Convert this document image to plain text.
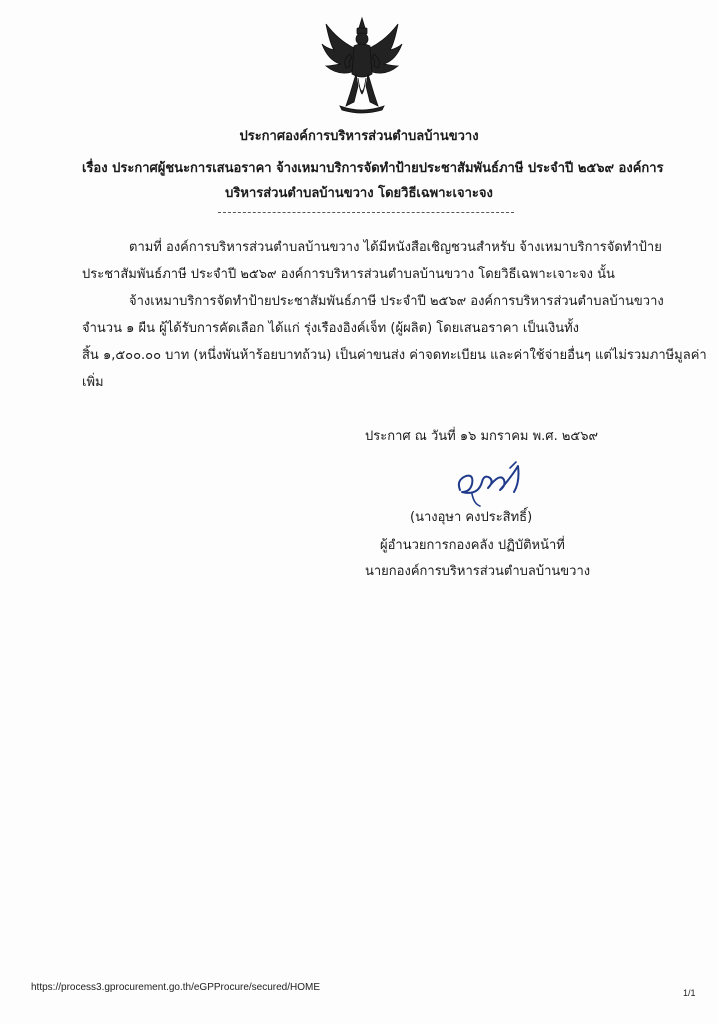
ประกาศองค์การบริหารส่วนตำบลบ้านขวาง
เรื่อง ประกาศผู้ชนะการเสนอราคา จ้างเหมาบริการจัดทำป้ายประชาสัมพันธ์ภาษี ประจำปี ๒๕๖๙ องค์การ
บริหารส่วนตำบลบ้านขวาง โดยวิธีเฉพาะเจาะจง
ตามที่ องค์การบริหารส่วนตำบลบ้านขวาง ได้มีหนังสือเชิญชวนสำหรับ จ้างเหมาบริการจัดทำป้าย
ประชาสัมพันธ์ภาษี ประจำปี ๒๕๖๙ องค์การบริหารส่วนตำบลบ้านขวาง โดยวิธีเฉพาะเจาะจง นั้น
จ้างเหมาบริการจัดทำป้ายประชาสัมพันธ์ภาษี ประจำปี ๒๕๖๙ องค์การบริหารส่วนตำบลบ้านขวาง
จำนวน ๑ ผืน ผู้ได้รับการคัดเลือก ได้แก่ รุ่งเรืองอิงค์เจ็ท (ผู้ผลิต) โดยเสนอราคา เป็นเงินทั้ง
สิ้น ๑,๕๐๐.๐๐ บาท (หนึ่งพันห้าร้อยบาทถ้วน) เป็นค่าขนส่ง ค่าจดทะเบียน และค่าใช้จ่ายอื่นๆ แต่ไม่รวมภาษีมูลค่า
เพิ่ม
ประกาศ ณ วันที่ ๑๖ มกราคม พ.ศ. ๒๕๖๙
(นางอุษา คงประสิทธิ์)
ผู้อำนวยการกองคลัง ปฏิบัติหน้าที่
นายกองค์การบริหารส่วนตำบลบ้านขวาง
https://process3.gprocurement.go.th/eGPProcure/secured/HOME	1/1
